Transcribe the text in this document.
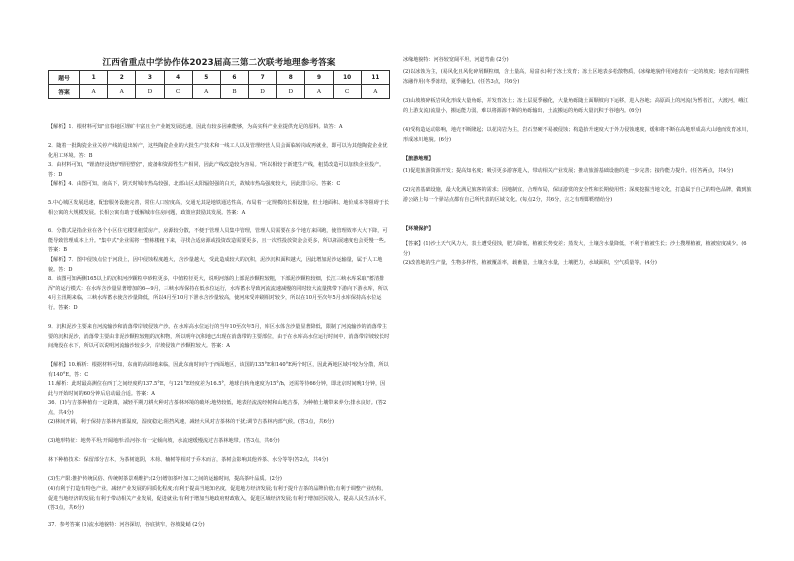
江西省重点中学协作体2023届高三第二次联考地理参考答案
题号	1	2	3	4	5	6	7	8	9	10	11
答案	A	A	D	C	A	B	D	D	A	C	A

【解析】1．根材料可知"宜春地区锂矿丰富且全产业链发展迅速，因此有较多因素能够，为高实科产业业提供充足的原料。故答：A

2．随着一批陶瓷企业关停产线的退出转产，这些陶瓷企业的大批生产技术和一线工人以及管理经营人员会面临转岗或再就业，即可以为其他陶瓷企业优化用工环境。答：B

3．由材料可知，"锂渣经浸烧炉理用塑窑"，废备和资源性生产相同，因此产线改造较为容易。"所以相较于新建生产线，租赁改造可以加快企业投产。答：D

【解析】4．由图可知，南高下，阴天时城市热岛较强，北部山区太阳辐射强的白天，故城市热岛强度较大，因此排③⑥。答案：C

5.中心城区发展迅速，配套服务设施完善，常住人口密度高，交通无其是地铁通达性高，布局着一定规模的长相设施，但土地面积、地价成本等阻碍于长相公寓的大规模发展。长相公寓有助于缓解城市住房问题，政策应鼓励其发展。答案：A

6．分散式是指企业在各个小区住宅楼里租赁房产，房源较分散，不便于管理人员集中管理，管理人员需要在多个地方来回跑，使管理效率大大下降，可能导致管理成本上升。"集中式"企业需将一整栋楼租下来，寻找合适房源或投资改造需要更多，且一次性投放资金会更多，所以拓展速度也会更慢一些。答案：B

【解析】7．图中侵蚀点位于河段上，因中侵蚀程度越大，含沙量越大，受此造成较大的沉积，泥沙沉积面积越大，因此增加泥沙运输量，属于人工地貌。答：D

8．该图可知两侧165以上的沉积河沙颗粒中砂粒更多，中值粒径更大，说明河落的上部泥沙颗粒较粗，下部泥沙颗粒较细，长江三峡水库采取"蓄清排浑"的运行模式：在水库含沙量显著增加的6—9月，三峡水库保持在低水位运行，水库蓄水导致河流流速减慢的同时较大流量携带下游向下游水库，所以4月主汛期来临，三峡水库蓄水使含沙量降低，所以4月至10月下泄水含沙量较高，使河床受冲刷相对较少，所以在10月至次年5月水库保持高水位运行。答案：D

9．沉积泥沙主要来自河流输沙和消落带岸坡侵蚀产沙。在水库高水位运行的当年10至次年5月，库区水体含沙量显著降低，限制了河流输沙的消落带主要的沉积泥沙，消落带主要由非泥沙颗粒较粗的沉积物，所以明年沉积地已出现在消落带的主要部位，由于在水库高水位运行时间中，消落带岸坡较长时间淹没在水下，所以可以说明河流输沙较多少，岸坡侵蚀产沙颗粒较大。答案：A

【解析】10.解析：根据材料可知，东南的高纬地来临，因此东南时间午于西面地区，该国的135°E和140°E两个时区，因此两地区域中较为分散，所以有140°E。答：C

11.解析：此时最高测位在西丁之间经度约137.5°E，与121°E经度差为16.5°，地球自转角速度为15°/h，还需等待66分钟，即北京时间晚1分钟，因此与开始时间的60分钟后启动最合适。答案：A

36．(1)与吉茶种植有一定距离，减轻平期刀耕火种对吉茶林环境的破坏;地势较低，地表径流流经树和山地吉茶，为种植土壤带来养分;排水良好。(答2点，共4分)

(2)林间开阔，利于保持吉茶林内部温度，湿度稳定;阻挡风速，减轻大风对吉茶林的干扰;调节吉茶林内部气候。(答3点，共6分)

(3)地形特征：地势平坦;开阔地形:沿河谷:有一定倾向坡，水流速缓慢流过吉茶林地带。(答3点，共6分)

林下种植技术：保留部分吉木，为茶树遮阴，木荷、楠树等相对于乔木而言，茶树会影响其他养茶、水分等等(答2点，共4分)

(3)生产限:推护传统民俗、传统树茶景观维护;(2分)增加茶叶加工之间的运输时间，提高茶叶品质。(2分)

(4)有利于打造有特色产业，减轻产业发展的同质化程度;有利于提高当地知名度，促进地方经济发展;有利于提升吉茶的品牌价值;有利于调整产业结构，促进当地经济的发展;有利于带动相关产业发展，促进就业;有利于增加当地政府财政收入，促进区域经济发展;有利于增加居民收入，提高人民生活水平。(答3点，共6分)

37．参考答案 (1)流水地貌特：河谷深切，谷底狭窄，谷坡陡峭 (2分)

冰缘地貌特：河谷较宽阔平坦，河道弯曲 (2分)

(2)以冰蚀为主，(易风化且风化碎屑颗粒细，含土量高，易富水)利于冻土发育；冻土区地表多松散物质，(冰缘地貌作用)地表有一定的坡度；地表有周期性冻融作用(冬季冻结，夏季融化)。(任答3点，共6分)

(3)山坡坡碎板岩风化形成大量角砾，并发育冻土；冻土层夏季融化，大量角砾随土面顺坡向下运移，进入谷地；高原面上的河流(为暂者江，大渡河，峨江的上游支流)流量小，搬运能力弱，难以将源源不断的角砾输出，土流搬运的角砾大量沉积于谷地内。(6分)

(4)受构造运动影响，地壳不断隆起；以花岗岩为主，岩石坚硬不易被侵蚀；构造抬升速度大于外力侵蚀速度，缓和将不断在高地形成高大山地而发育冰川，形成冰川地貌。(6分)

【旅游地理】

(1)促进旅游资源开发；提高知名度；吸引更多游客进入，带动相关产业发展；推动旅游基础设施的进一步完善；接待能力提升。(任答两点，共4分)

(2)完善基础设施，最大化满足旅客的需求；因地制宜，合理布局，保证游赏的安全性和长期使用性；深度挖掘当地文化，打造属于自己的特色品牌，做到旅游公路上每一个驿站点都有自己所代表的区域文化。(每点2分，共6分，言之有理即酌情给分)

【环境保护】

【答案】(1)沙土天气风力大，表土遭受侵蚀，肥力降低，植被长势变差；蒸发大，土壤含水量降低，不利于植被生长；沙土搜埋植被，植被密度减少。(6分)

(2)改善地的生产量，生物多样性，植被覆盖率，载畜量，土壤含水量，土壤肥力，水域面积，空气质量等。(4分)
